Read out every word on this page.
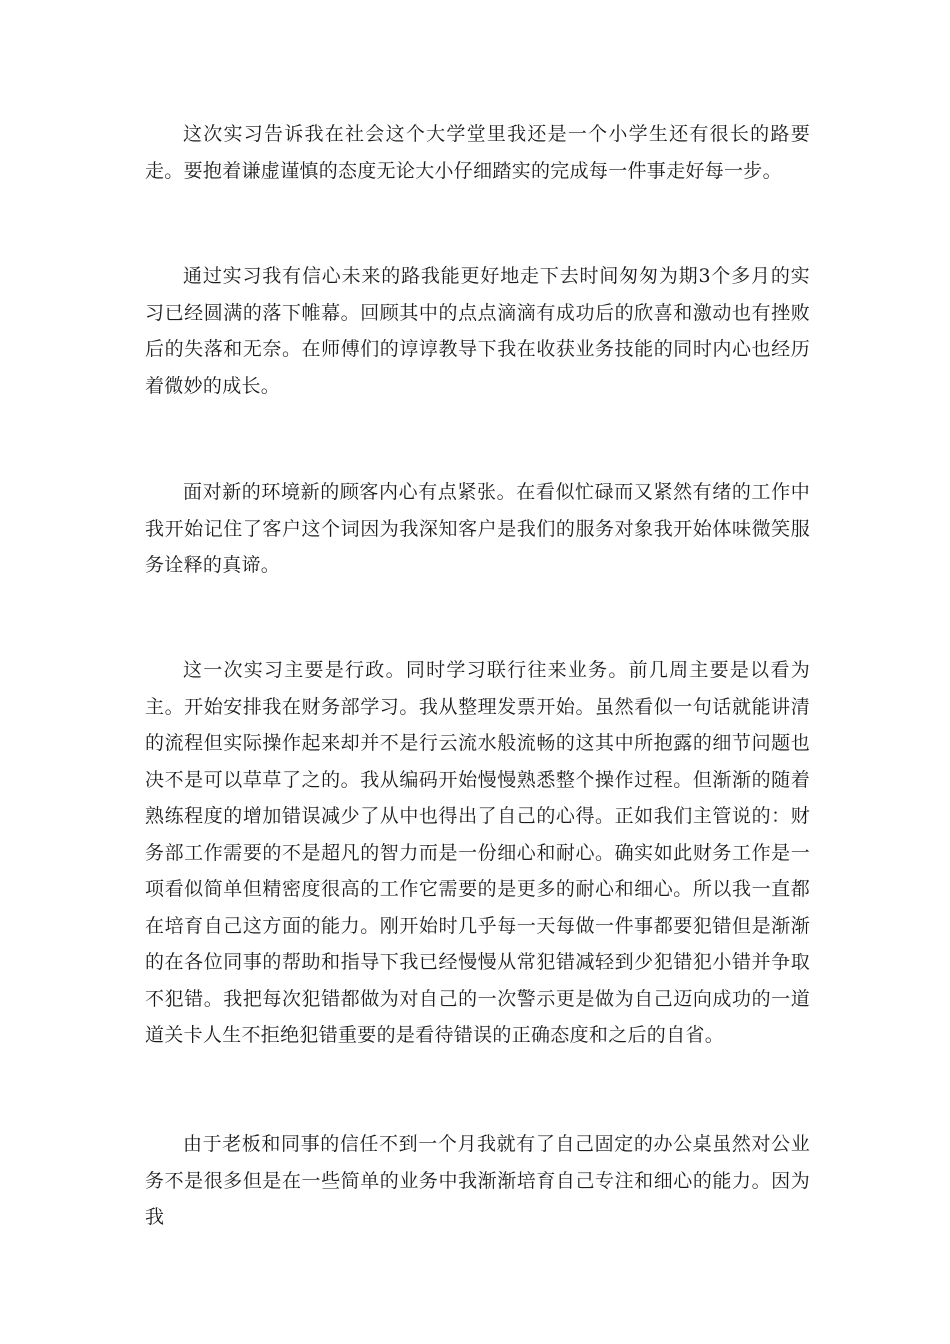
这次实习告诉我在社会这个大学堂里我还是一个小学生还有很长的路要走。要抱着谦虚谨慎的态度无论大小仔细踏实的完成每一件事走好每一步。

通过实习我有信心未来的路我能更好地走下去时间匆匆为期3个多月的实习已经圆满的落下帷幕。回顾其中的点点滴滴有成功后的欣喜和激动也有挫败后的失落和无奈。在师傅们的谆谆教导下我在收获业务技能的同时内心也经历着微妙的成长。

面对新的环境新的顾客内心有点紧张。在看似忙碌而又紧然有绪的工作中我开始记住了客户这个词因为我深知客户是我们的服务对象我开始体味微笑服务诠释的真谛。

这一次实习主要是行政。同时学习联行往来业务。前几周主要是以看为主。开始安排我在财务部学习。我从整理发票开始。虽然看似一句话就能讲清的流程但实际操作起来却并不是行云流水般流畅的这其中所抱露的细节问题也决不是可以草草了之的。我从编码开始慢慢熟悉整个操作过程。但渐渐的随着熟练程度的增加错误减少了从中也得出了自己的心得。正如我们主管说的：财务部工作需要的不是超凡的智力而是一份细心和耐心。确实如此财务工作是一项看似简单但精密度很高的工作它需要的是更多的耐心和细心。所以我一直都在培育自己这方面的能力。刚开始时几乎每一天每做一件事都要犯错但是渐渐的在各位同事的帮助和指导下我已经慢慢从常犯错减轻到少犯错犯小错并争取不犯错。我把每次犯错都做为对自己的一次警示更是做为自己迈向成功的一道道关卡人生不拒绝犯错重要的是看待错误的正确态度和之后的自省。

由于老板和同事的信任不到一个月我就有了自己固定的办公桌虽然对公业务不是很多但是在一些简单的业务中我渐渐培育自己专注和细心的能力。因为我
